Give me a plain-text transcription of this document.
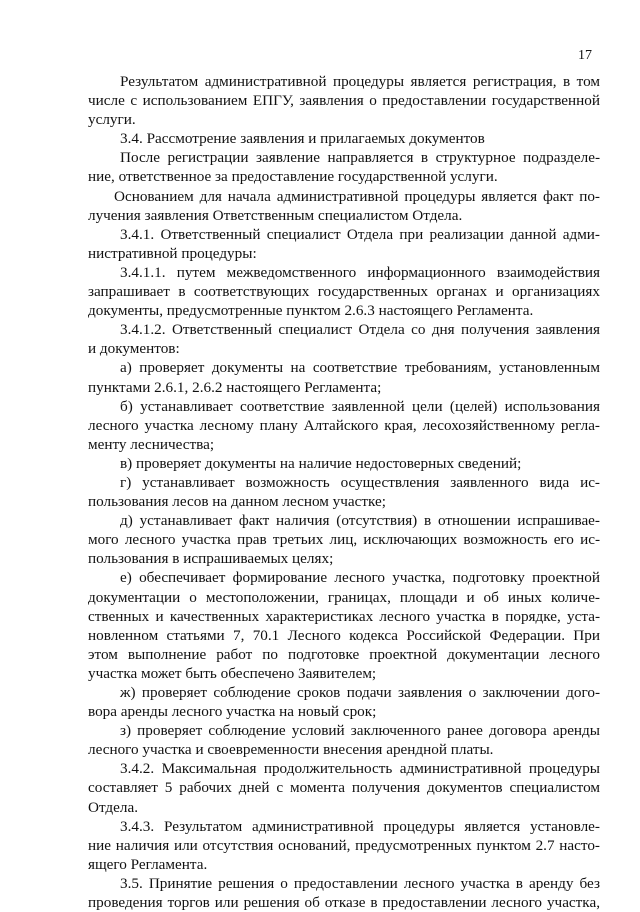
17
Результатом административной процедуры является регистрация, в том
числе с использованием ЕПГУ, заявления о предоставлении государственной
услуги.
3.4. Рассмотрение заявления и прилагаемых документов
После регистрации заявление направляется в структурное подразделе-
ние, ответственное за предоставление государственной услуги.
Основанием для начала административной процедуры является факт по-
лучения заявления Ответственным специалистом Отдела.
3.4.1. Ответственный специалист Отдела при реализации данной адми-
нистративной процедуры:
3.4.1.1. путем межведомственного информационного взаимодействия
запрашивает в соответствующих государственных органах и организациях
документы, предусмотренные пунктом 2.6.3 настоящего Регламента.
3.4.1.2. Ответственный специалист Отдела со дня получения заявления
и документов:
а) проверяет документы на соответствие требованиям, установленным
пунктами 2.6.1, 2.6.2 настоящего Регламента;
б) устанавливает соответствие заявленной цели (целей) использования
лесного участка лесному плану Алтайского края, лесохозяйственному регла-
менту лесничества;
в) проверяет документы на наличие недостоверных сведений;
г) устанавливает возможность осуществления заявленного вида ис-
пользования лесов на данном лесном участке;
д) устанавливает факт наличия (отсутствия) в отношении испрашивае-
мого лесного участка прав третьих лиц, исключающих возможность его ис-
пользования в испрашиваемых целях;
е) обеспечивает формирование лесного участка, подготовку проектной
документации о местоположении, границах, площади и об иных количе-
ственных и качественных характеристиках лесного участка в порядке, уста-
новленном статьями 7, 70.1 Лесного кодекса Российской Федерации. При
этом выполнение работ по подготовке проектной документации лесного
участка может быть обеспечено Заявителем;
ж) проверяет соблюдение сроков подачи заявления о заключении дого-
вора аренды лесного участка на новый срок;
з) проверяет соблюдение условий заключенного ранее договора аренды
лесного участка и своевременности внесения арендной платы.
3.4.2. Максимальная продолжительность административной процедуры
составляет 5 рабочих дней с момента получения документов специалистом
Отдела.
3.4.3. Результатом административной процедуры является установле-
ние наличия или отсутствия оснований, предусмотренных пунктом 2.7 насто-
ящего Регламента.
3.5. Принятие решения о предоставлении лесного участка в аренду без
проведения торгов или решения об отказе в предоставлении лесного участка,
